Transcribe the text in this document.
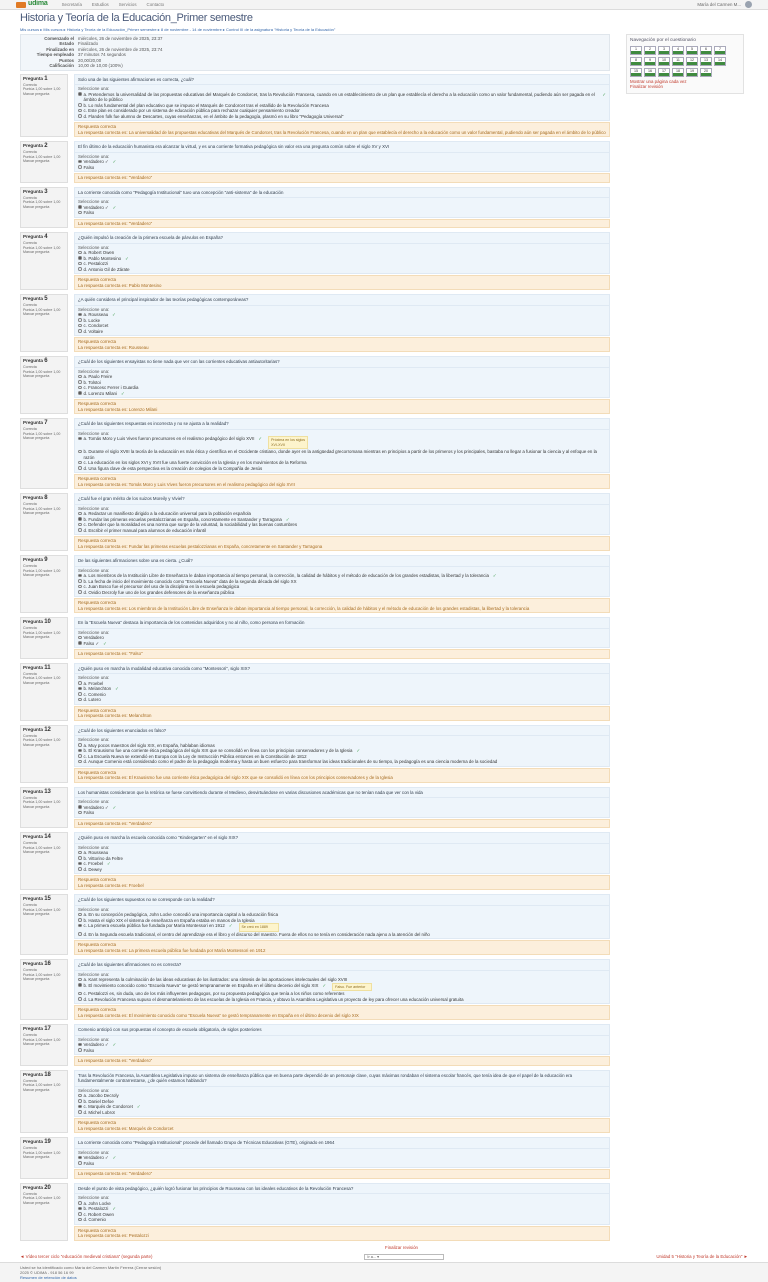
udima	Secretaría Estudios Servicios Contacto	María del Carmen M...
Historia y Teoría de la Educación_Primer semestre
Mis cursos ▸ Mis cursos ▸ Historia y Teoría de la Educación_Primer semestre ▸ 8 de noviembre - 14 de noviembre ▸ Control III de la asignatura "Historia y Teoría de la Educación"
Comenzado el miércoles, 26 de noviembre de 2025, 23:37
Estado Finalizado
Finalizado en miércoles, 26 de noviembre de 2025, 23:74
Tiempo empleado 37 minutos 74 segundos
Puntos 20,00/20,00
Calificación 10,00 de 10,00 (100%)
Pregunta 1
Correcta
Puntúa 1,00 sobre 1,00
Marcar pregunta
Solo una de las siguientes afirmaciones es correcta, ¿cuál?
Seleccione una:
a. Pretendemos la universalidad de las propuestas educativas del Marqués de Condorcet, tras la Revolución Francesa, cuando en un establecimiento de un plan que establecía el derecho a la educación como un valor fundamental, pudiendo aún ser pagada en el ámbito de lo público
✓
b. Lo más fundamental del plan educativo que se impuso el Marqués de Condorcet tras el estallido de la Revolución Francesa
c. Este plan es considerado por un sistema de educación pública para rechazar cualquier pensamiento creador
d. Flanden folk fue alumno de Descartes, cuyas enseñanzas, en el ámbito de la pedagogía, plasmó en su libro "Pedagogía Universal"
Respuesta correcta
La respuesta correcta es: La universalidad de las propuestas educativas del Marqués de Condorcet, tras la Revolución Francesa, cuando en un plan que establecía el derecho a la educación como un valor fundamental, pudiendo aún ser pagada en el ámbito de lo público
Pregunta 2
Correcta
Puntúa 1,00 sobre 1,00
Marcar pregunta
El fin último de la educación humanista era alcanzar la virtud, y es una corriente formativa pedagógica sin valor era una pregunta común sobre el siglo XV y XVI
Seleccione una:
Verdadero ✓ ✓
Falso
La respuesta correcta es: "Verdadero"
Pregunta 3
Correcta
Puntúa 1,00 sobre 1,00
Marcar pregunta
La corriente conocida como "Pedagogía Institucional" tuvo una concepción "anti-sistema" de la educación
Seleccione una:
Verdadero ✓ ✓
Falso
La respuesta correcta es: "Verdadero"
Pregunta 4
Correcta
Puntúa 1,00 sobre 1,00
Marcar pregunta
¿Quién impulsó la creación de la primera escuela de párvulos en España?
Seleccione una:
a. Robert Owen
b. Pablo Montesino ✓
c. Pestalozzi
d. Antonio Gil de Zárate
Respuesta correcta
La respuesta correcta es: Pablo Montesino
Pregunta 5
Correcta
Puntúa 1,00 sobre 1,00
Marcar pregunta
¿A quién considera el principal inspirador de las teorías pedagógicas contemporáneas?
Seleccione una:
a. Rousseau ✓
b. Locke
c. Condorcet
d. Voltaire
Respuesta correcta
La respuesta correcta es: Rousseau
Pregunta 6
Correcta
Puntúa 1,00 sobre 1,00
Marcar pregunta
¿Cuál de los siguientes ensayistas no tiene nada que ver con las corrientes educativas antiautoritarias?
Seleccione una:
a. Paulo Freire
b. Tolstoi
c. Francesc Ferrer i Guardia
d. Lorenzo Milani ✓
Respuesta correcta
La respuesta correcta es: Lorenzo Milani
Pregunta 7
Correcta
Puntúa 1,00 sobre 1,00
Marcar pregunta
¿Cuál de las siguientes respuestas es incorrecta y no se ajusta a la realidad?
Seleccione una:
a. Tomás Moro y Luis Vives fueron precursores en el realismo pedagógico del siglo XVII ✓	Próxima en los siglos XVI-XVII
b. Durante el siglo XVIII la teoría de la educación es más ética y científica en el Occidente cristiano, donde ayer en la antigüedad grecorromana mientras en principios a partir de los primeros y los principales, bastaba no llegar a fusionar la ciencia y al enfoque en la razón
c. La educación en los siglos XVI y XVII fue una fuerte convicción en la Iglesia y en los movimientos de la Reforma
d. Una figura clave de esta perspectiva es la creación de colegios de la Compañía de Jesús
Respuesta correcta
La respuesta correcta es: Tomás Moro y Luis Vives fueron precursores en el realismo pedagógico del siglo XVII
Pregunta 8
Correcta
Puntúa 1,00 sobre 1,00
Marcar pregunta
¿Cuál fue el gran mérito de los suizos Moreily y Viviel?
Seleccione una:
a. Redactar un manifiesto dirigido a la educación universal para la población española
b. Fundar las primeras escuelas pestalozzianas en España, concretamente en Santander y Tarragona ✓
c. Defender que la moralidad es una norma que surge de la voluntad, la sociabilidad y las buenas costumbres
d. Escribir el primer manual para alumnos de educación infantil
Respuesta correcta
La respuesta correcta es: Fundar las primeras escuelas pestalozzianas en España, concretamente en Santander y Tarragona
Pregunta 9
Correcta
Puntúa 1,00 sobre 1,00
Marcar pregunta
De las siguientes afirmaciones sobre una es cierta. ¿Cuál?
Seleccione una:
a. Los miembros de la Institución Libre de Enseñanza le daban importancia al tiempo personal, la corrección, la calidad de hábitos y el método de educación de los grandes estadistas, la libertad y la tolerancia ✓
b. La fecha de inicio del movimiento conocido como "Escuela Nueva" data de la segunda década del siglo XX
c. Juan Bosco fue el precursor del uso de la disciplina en la escuela pedagógica
d. Ovidio Decroly fue uno de los grandes defensores de la enseñanza pública
Respuesta correcta
La respuesta correcta es: Los miembros de la Institución Libre de Enseñanza le daban importancia al tiempo personal, la corrección, la calidad de hábitos y el método de educación de los grandes estadistas, la libertad y la tolerancia
Pregunta 10
Correcta
Puntúa 1,00 sobre 1,00
Marcar pregunta
En la "Escuela Nueva" destaca la importancia de los contenidos adquiridos y no al niño, como persona en formación
Seleccione una:
Verdadero
Falso ✓ ✓
La respuesta correcta es: "Falso"
Pregunta 11
Correcta
Puntúa 1,00 sobre 1,00
Marcar pregunta
¿Quién puso en marcha la modalidad educativa conocida como "Montessori", siglo XIX?
Seleccione una:
a. Froebel
b. Melanchton ✓
c. Comenio
d. Lutero
Respuesta correcta
La respuesta correcta es: Melanchton
Pregunta 12
Correcta
Puntúa 1,00 sobre 1,00
Marcar pregunta
¿Cuál de los siguientes enunciados es falso?
Seleccione una:
a. Muy pocos maestros del siglo XIX, en España, hablaban idiomas
b. El Krausismo fue una corriente ética pedagógica del siglo XIX que se consolidó en línea con los principios conservadores y de la Iglesia ✓
c. La Escuela Nueva se extendió en Europa con la Ley de Instrucción Pública entonces en la Constitución de 1812
d. Aunque Comenio está considerado como el padre de la pedagogía moderna y hasta un buen esfuerzo para transformar las ideas tradicionales de su tiempo, la pedagogía es una ciencia moderna de la sociedad
Respuesta correcta
La respuesta correcta es: El Krausismo fue una corriente ética pedagógica del siglo XIX que se consolidó en línea con los principios conservadores y de la Iglesia
Pregunta 13
Correcta
Puntúa 1,00 sobre 1,00
Marcar pregunta
Los humanistas consideraron que la retórica se fuese convirtiendo durante el Medievo, desvirtuándose en varias discusiones académicas que no tenían nada que ver con la vida
Seleccione una:
Verdadero ✓ ✓
Falso
La respuesta correcta es: "Verdadero"
Pregunta 14
Correcta
Puntúa 1,00 sobre 1,00
Marcar pregunta
¿Quién puso en marcha la escuela conocida como "Kindergarten" en el siglo XIX?
Seleccione una:
a. Rousseau
b. Vittorino da Feltre
c. Froebel ✓
d. Dewey
Respuesta correcta
La respuesta correcta es: Froebel
Pregunta 15
Correcta
Puntúa 1,00 sobre 1,00
Marcar pregunta
¿Cuál de los siguientes supuestos no se corresponde con la realidad?
Seleccione una:
a. En su concepción pedagógica, John Locke concedió una importancia capital a la educación física
b. Hasta el siglo XIX el sistema de enseñanza en España estaba en manos de la Iglesia
c. La primera escuela pública fue fundada por María Montessori en 1912 ✓	Se creó en 1889
d. En la Segunda escuela tradicional, el centro del aprendizaje era el libro y el discurso del maestro. Fuera de ellos no se tenía en consideración nada ajeno a la atención del niño
Respuesta correcta
La respuesta correcta es: La primera escuela pública fue fundada por María Montessori en 1912
Pregunta 16
Correcta
Puntúa 1,00 sobre 1,00
Marcar pregunta
¿Cuál de las siguientes afirmaciones no es correcta?
Seleccione una:
a. Kant representa la culminación de las ideas educativas de los ilustrados: una síntesis de las aportaciones intelectuales del siglo XVIII
b. El movimiento conocido como "Escuela Nueva" se gestó tempranamente en España en el último decenio del siglo XIX ✓	Falso. Fue anterior
c. Pestalozzi es, sin duda, uno de los más influyentes pedagogos, por su propuesta pedagógica que tenía a los niños como referentes
d. La Revolución Francesa supuso el desmantelamiento de las escuelas de la Iglesia en Francia, y obtuvo la Asamblea Legislativa un proyecto de ley para ofrecer una educación universal gratuita
Respuesta correcta
La respuesta correcta es: El movimiento conocido como "Escuela Nueva" se gestó tempranamente en España en el último decenio del siglo XIX
Pregunta 17
Correcta
Puntúa 1,00 sobre 1,00
Marcar pregunta
Comenio anticipó con sus propuestas el concepto de escuela obligatoria, de siglos posteriores
Seleccione una:
Verdadero ✓ ✓
Falso
La respuesta correcta es: "Verdadero"
Pregunta 18
Correcta
Puntúa 1,00 sobre 1,00
Marcar pregunta
Tras la Revolución Francesa, la Asamblea Legislativa impuso un sistema de enseñanza pública que en buena parte dependió de un personaje clave, cuyas máximas rondaban el sistema escolar francés, que tenía idea de que el papel de la educación era fundamentalmente contrarrestarse, ¿de quién estamos hablando?
Seleccione una:
a. Jacobo Decroly
b. Daniel Defoe
c. Marqués de Condorcet ✓
d. Michel Lobrot
Respuesta correcta
La respuesta correcta es: Marqués de Condorcet
Pregunta 19
Correcta
Puntúa 1,00 sobre 1,00
Marcar pregunta
La corriente conocida como "Pedagogía Institucional" procede del llamado Grupo de Técnicas Educativas (GTE), originado en 1964
Seleccione una:
Verdadero ✓ ✓
Falso
La respuesta correcta es: "Verdadero"
Pregunta 20
Correcta
Puntúa 1,00 sobre 1,00
Marcar pregunta
Desde el punto de vista pedagógico, ¿quién logró fusionar los principios de Rousseau con los ideales educativos de la Revolución Francesa?
Seleccione una:
a. John Locke
b. Pestalozzi ✓
c. Robert Owen
d. Comenio
Respuesta correcta
La respuesta correcta es: Pestalozzi
Finalizar revisión
Navegación por el cuestionario
1	2	3	4	5	6	7
8	9	10	11	12	13	14
15	16	17	18	19	20
Mostrar una página cada vez
Finalizar revisión
◄ Vídeo tercer ciclo "educación medieval cristiana" (segunda parte)	Ir a... ▾	Unidad 5 "Historia y Teoría de la Educación" ►
Usted se ha identificado como María del Carmen Martín Ferrera (Cerrar sesión)
2025 © UDIMA - 918 56 16 99
Resumen de retención de datos
